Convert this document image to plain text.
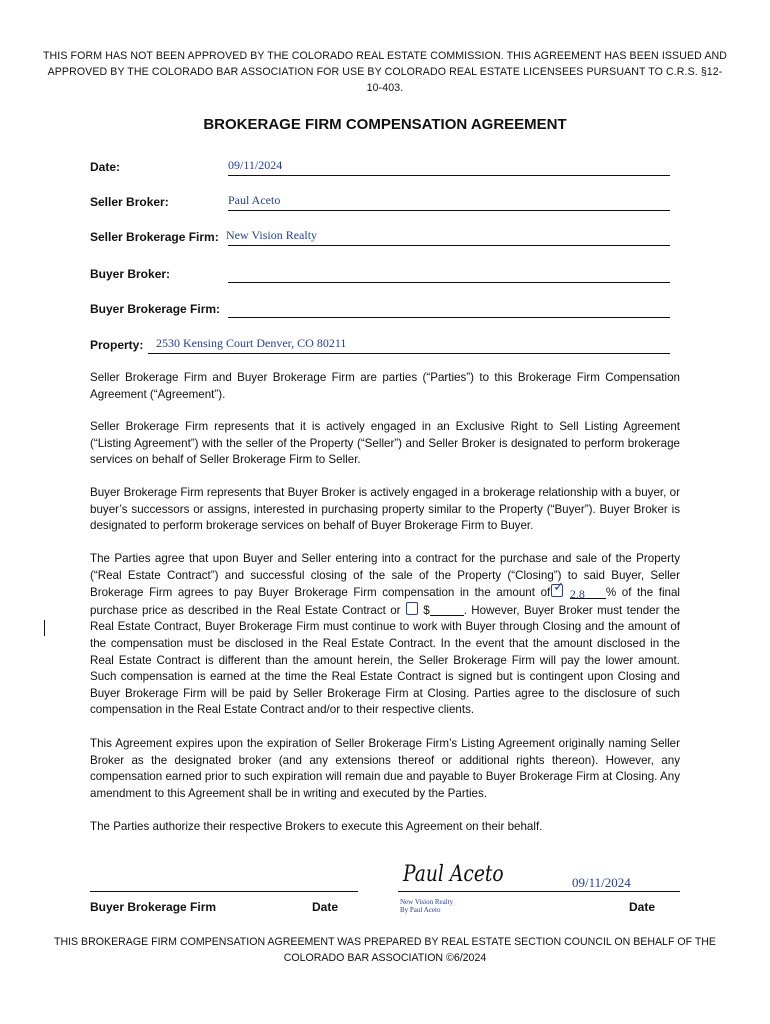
THIS FORM HAS NOT BEEN APPROVED BY THE COLORADO REAL ESTATE COMMISSION. THIS AGREEMENT HAS BEEN ISSUED AND APPROVED BY THE COLORADO BAR ASSOCIATION FOR USE BY COLORADO REAL ESTATE LICENSEES PURSUANT TO C.R.S. §12-10-403.
BROKERAGE FIRM COMPENSATION AGREEMENT
Date:	09/11/2024
Seller Broker:	Paul Aceto
Seller Brokerage Firm: New Vision Realty
Buyer Broker:
Buyer Brokerage Firm:
Property: 2530 Kensing Court Denver, CO 80211
Seller Brokerage Firm and Buyer Brokerage Firm are parties (“Parties”) to this Brokerage Firm Compensation Agreement (“Agreement”).
Seller Brokerage Firm represents that it is actively engaged in an Exclusive Right to Sell Listing Agreement (“Listing Agreement”) with the seller of the Property (“Seller”) and Seller Broker is designated to perform brokerage services on behalf of Seller Brokerage Firm to Seller.
Buyer Brokerage Firm represents that Buyer Broker is actively engaged in a brokerage relationship with a buyer, or buyer’s successors or assigns, interested in purchasing property similar to the Property (“Buyer”). Buyer Broker is designated to perform brokerage services on behalf of Buyer Brokerage Firm to Buyer.
The Parties agree that upon Buyer and Seller entering into a contract for the purchase and sale of the Property (“Real Estate Contract”) and successful closing of the sale of the Property (“Closing”) to said Buyer, Seller Brokerage Firm agrees to pay Buyer Brokerage Firm compensation in the amount of ✓ 2.8 % of the final purchase price as described in the Real Estate Contract or $	. However, Buyer Broker must tender the Real Estate Contract, Buyer Brokerage Firm must continue to work with Buyer through Closing and the amount of the compensation must be disclosed in the Real Estate Contract. In the event that the amount disclosed in the Real Estate Contract is different than the amount herein, the Seller Brokerage Firm will pay the lower amount. Such compensation is earned at the time the Real Estate Contract is signed but is contingent upon Closing and Buyer Brokerage Firm will be paid by Seller Brokerage Firm at Closing. Parties agree to the disclosure of such compensation in the Real Estate Contract and/or to their respective clients.
This Agreement expires upon the expiration of Seller Brokerage Firm’s Listing Agreement originally naming Seller Broker as the designated broker (and any extensions thereof or additional rights thereon). However, any compensation earned prior to such expiration will remain due and payable to Buyer Brokerage Firm at Closing. Any amendment to this Agreement shall be in writing and executed by the Parties.
The Parties authorize their respective Brokers to execute this Agreement on their behalf.
Buyer Brokerage Firm	Date
Paul Aceto	09/11/2024
New Vision Realty
By Paul Aceto	Date
THIS BROKERAGE FIRM COMPENSATION AGREEMENT WAS PREPARED BY REAL ESTATE SECTION COUNCIL ON BEHALF OF THE COLORADO BAR ASSOCIATION ©6/2024
